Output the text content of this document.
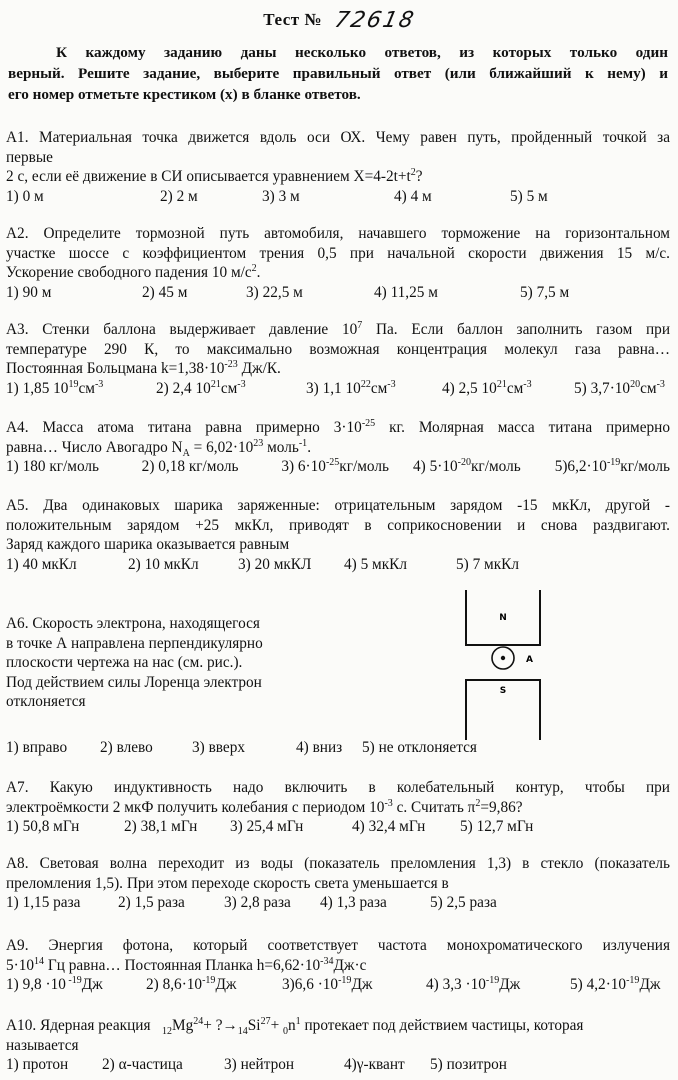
Тест № 72618
К каждому заданию даны несколько ответов, из которых только один
верный. Решите задание, выберите правильный ответ (или ближайший к нему) и
его номер отметьте крестиком (х) в бланке ответов.
А1. Материальная точка движется вдоль оси ОХ. Чему равен путь, пройденный точкой за
первые
2 с, если её движение в СИ описывается уравнением $X=4-2t+t^2$?
1) 0 м	2) 2 м	3) 3 м	4) 4 м	5) 5 м
А2. Определите тормозной путь автомобиля, начавшего торможение на горизонтальном
участке шоссе с коэффициентом трения 0,5 при начальной скорости движения 15 м/с.
Ускорение свободного падения 10 $м/с^2$.
1) 90 м	2) 45 м	3) 22,5 м	4) 11,25 м	5) 7,5 м
А3. Стенки баллона выдерживает давление $10^7$ Па. Если баллон заполнить газом при
температуре 290 К, то максимально возможная концентрация молекул газа равна…
Постоянная Больцмана $k=1,38\cdot 10^{-23}$ Дж/К.
1) 1,85 $10^{19}см^{-3}$	2) 2,4 $10^{21}см^{-3}$	3) 1,1 $10^{22}см^{-3}$	4) 2,5 $10^{21}см^{-3}$	5) $3,7\cdot 10^{20}см^{-3}$
А4. Масса атома титана равна примерно $3\cdot 10^{-25}$ кг. Молярная масса титана примерно
равна… Число Авогадро $N_A = 6,02\cdot 10^{23}$ моль$^{-1}$.
1) 180 кг/моль	2) 0,18 кг/моль	3) $6\cdot 10^{-25}кг$/моль	4) $5\cdot 10^{-20}кг$/моль	$5)6,2\cdot 10^{-19}кг$/моль
А5. Два одинаковых шарика заряженные: отрицательным зарядом -15 мкКл, другой -
положительным зарядом +25 мкКл, приводят в соприкосновении и снова раздвигают.
Заряд каждого шарика оказывается равным
1) 40 мкКл	2) 10 мкКл	3) 20 мкКЛ	4) 5 мкКл	5) 7 мкКл
А6. Скорость электрона, находящегося
в точке А направлена перпендикулярно
плоскости чертежа на нас (см. рис.).
Под действием силы Лоренца электрон
отклоняется
N
A
S
1) вправо	2) влево	3) вверх	4) вниз	5) не отклоняется
А7. Какую индуктивность надо включить в колебательный контур, чтобы при
электроёмкости 2 мкФ получить колебания с периодом $10^{-3}$ с. Считать $\pi^2=9,86$?
1) 50,8 мГн	2) 38,1 мГн	3) 25,4 мГн	4) 32,4 мГн	5) 12,7 мГн
А8. Световая волна переходит из воды (показатель преломления 1,3) в стекло (показатель
преломления 1,5). При этом переходе скорость света уменьшается в
1) 1,15 раза	2) 1,5 раза	3) 2,8 раза	4) 1,3 раза	5) 2,5 раза
А9. Энергия фотона, который соответствует частота монохроматического излучения
$5\cdot 10^{14}$ Гц равна… Постоянная Планка $h=6,62\cdot 10^{-34}Дж\cdot с$
1) 9,8 ·10 $^{-19}$Дж	2) $8,6\cdot 10^{-19}Дж$	$3)6,6 \cdot 10^{-19}Дж$	4) $3,3 \cdot 10^{-19}Дж$	5) $4,2\cdot 10^{-19}Дж$
А10. Ядерная реакция $_{12}Mg^{24}+$ $?\to_{14}Si^{27}+ _0n^1$ протекает под действием частицы, которая
называется
1) протон	2) α-частица	3) нейтрон	4)γ-квант	5) позитрон
